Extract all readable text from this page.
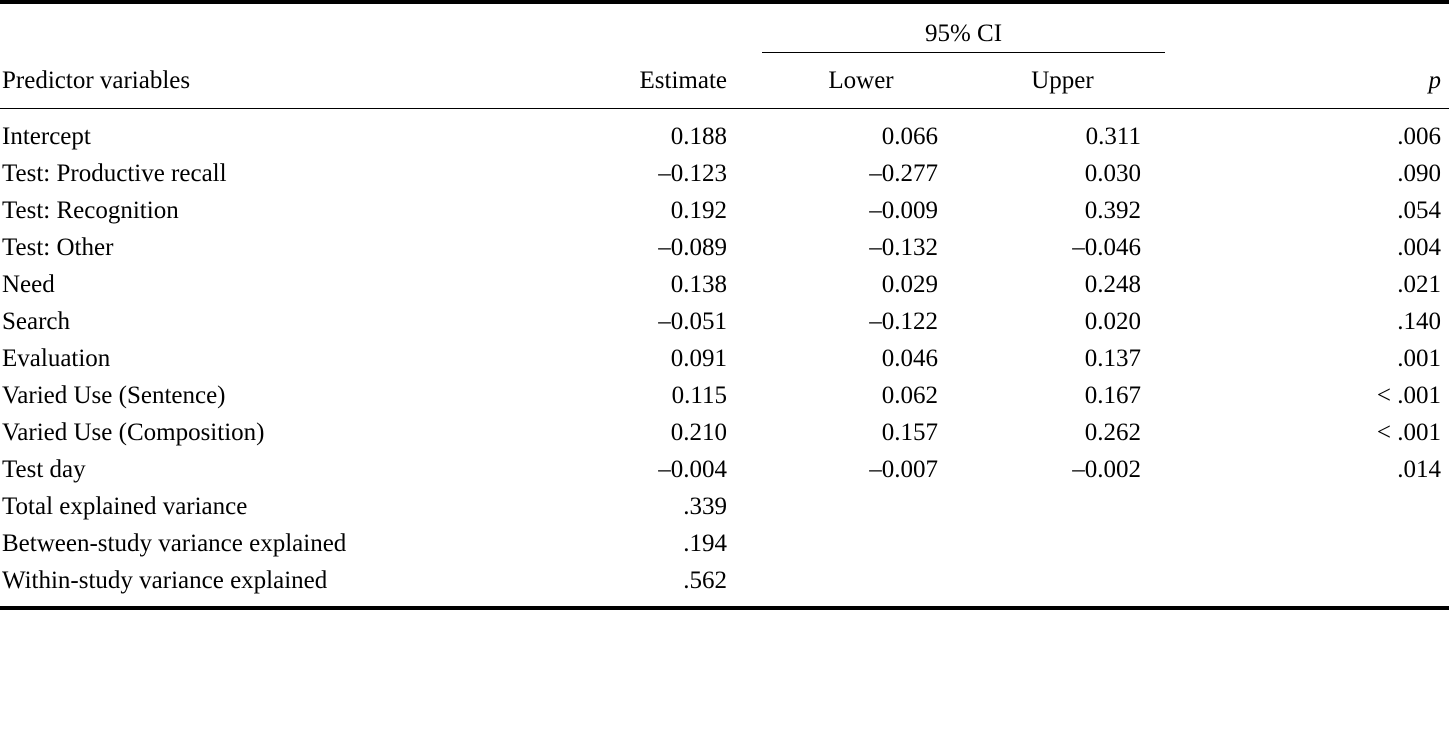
		95% CI			

Predictor variables	Estimate	Lower	Upper		p

Intercept	0.188	0.066	0.311		.006
Test: Productive recall	–0.123	–0.277	0.030		.090
Test: Recognition	0.192	–0.009	0.392		.054
Test: Other	–0.089	–0.132	–0.046		.004
Need	0.138	0.029	0.248		.021
Search	–0.051	–0.122	0.020		.140
Evaluation	0.091	0.046	0.137		.001
Varied Use (Sentence)	0.115	0.062	0.167		< .001
Varied Use (Composition)	0.210	0.157	0.262		< .001
Test day	–0.004	–0.007	–0.002		.014
Total explained variance	.339				
Between-study variance explained	.194				
Within-study variance explained	.562				
